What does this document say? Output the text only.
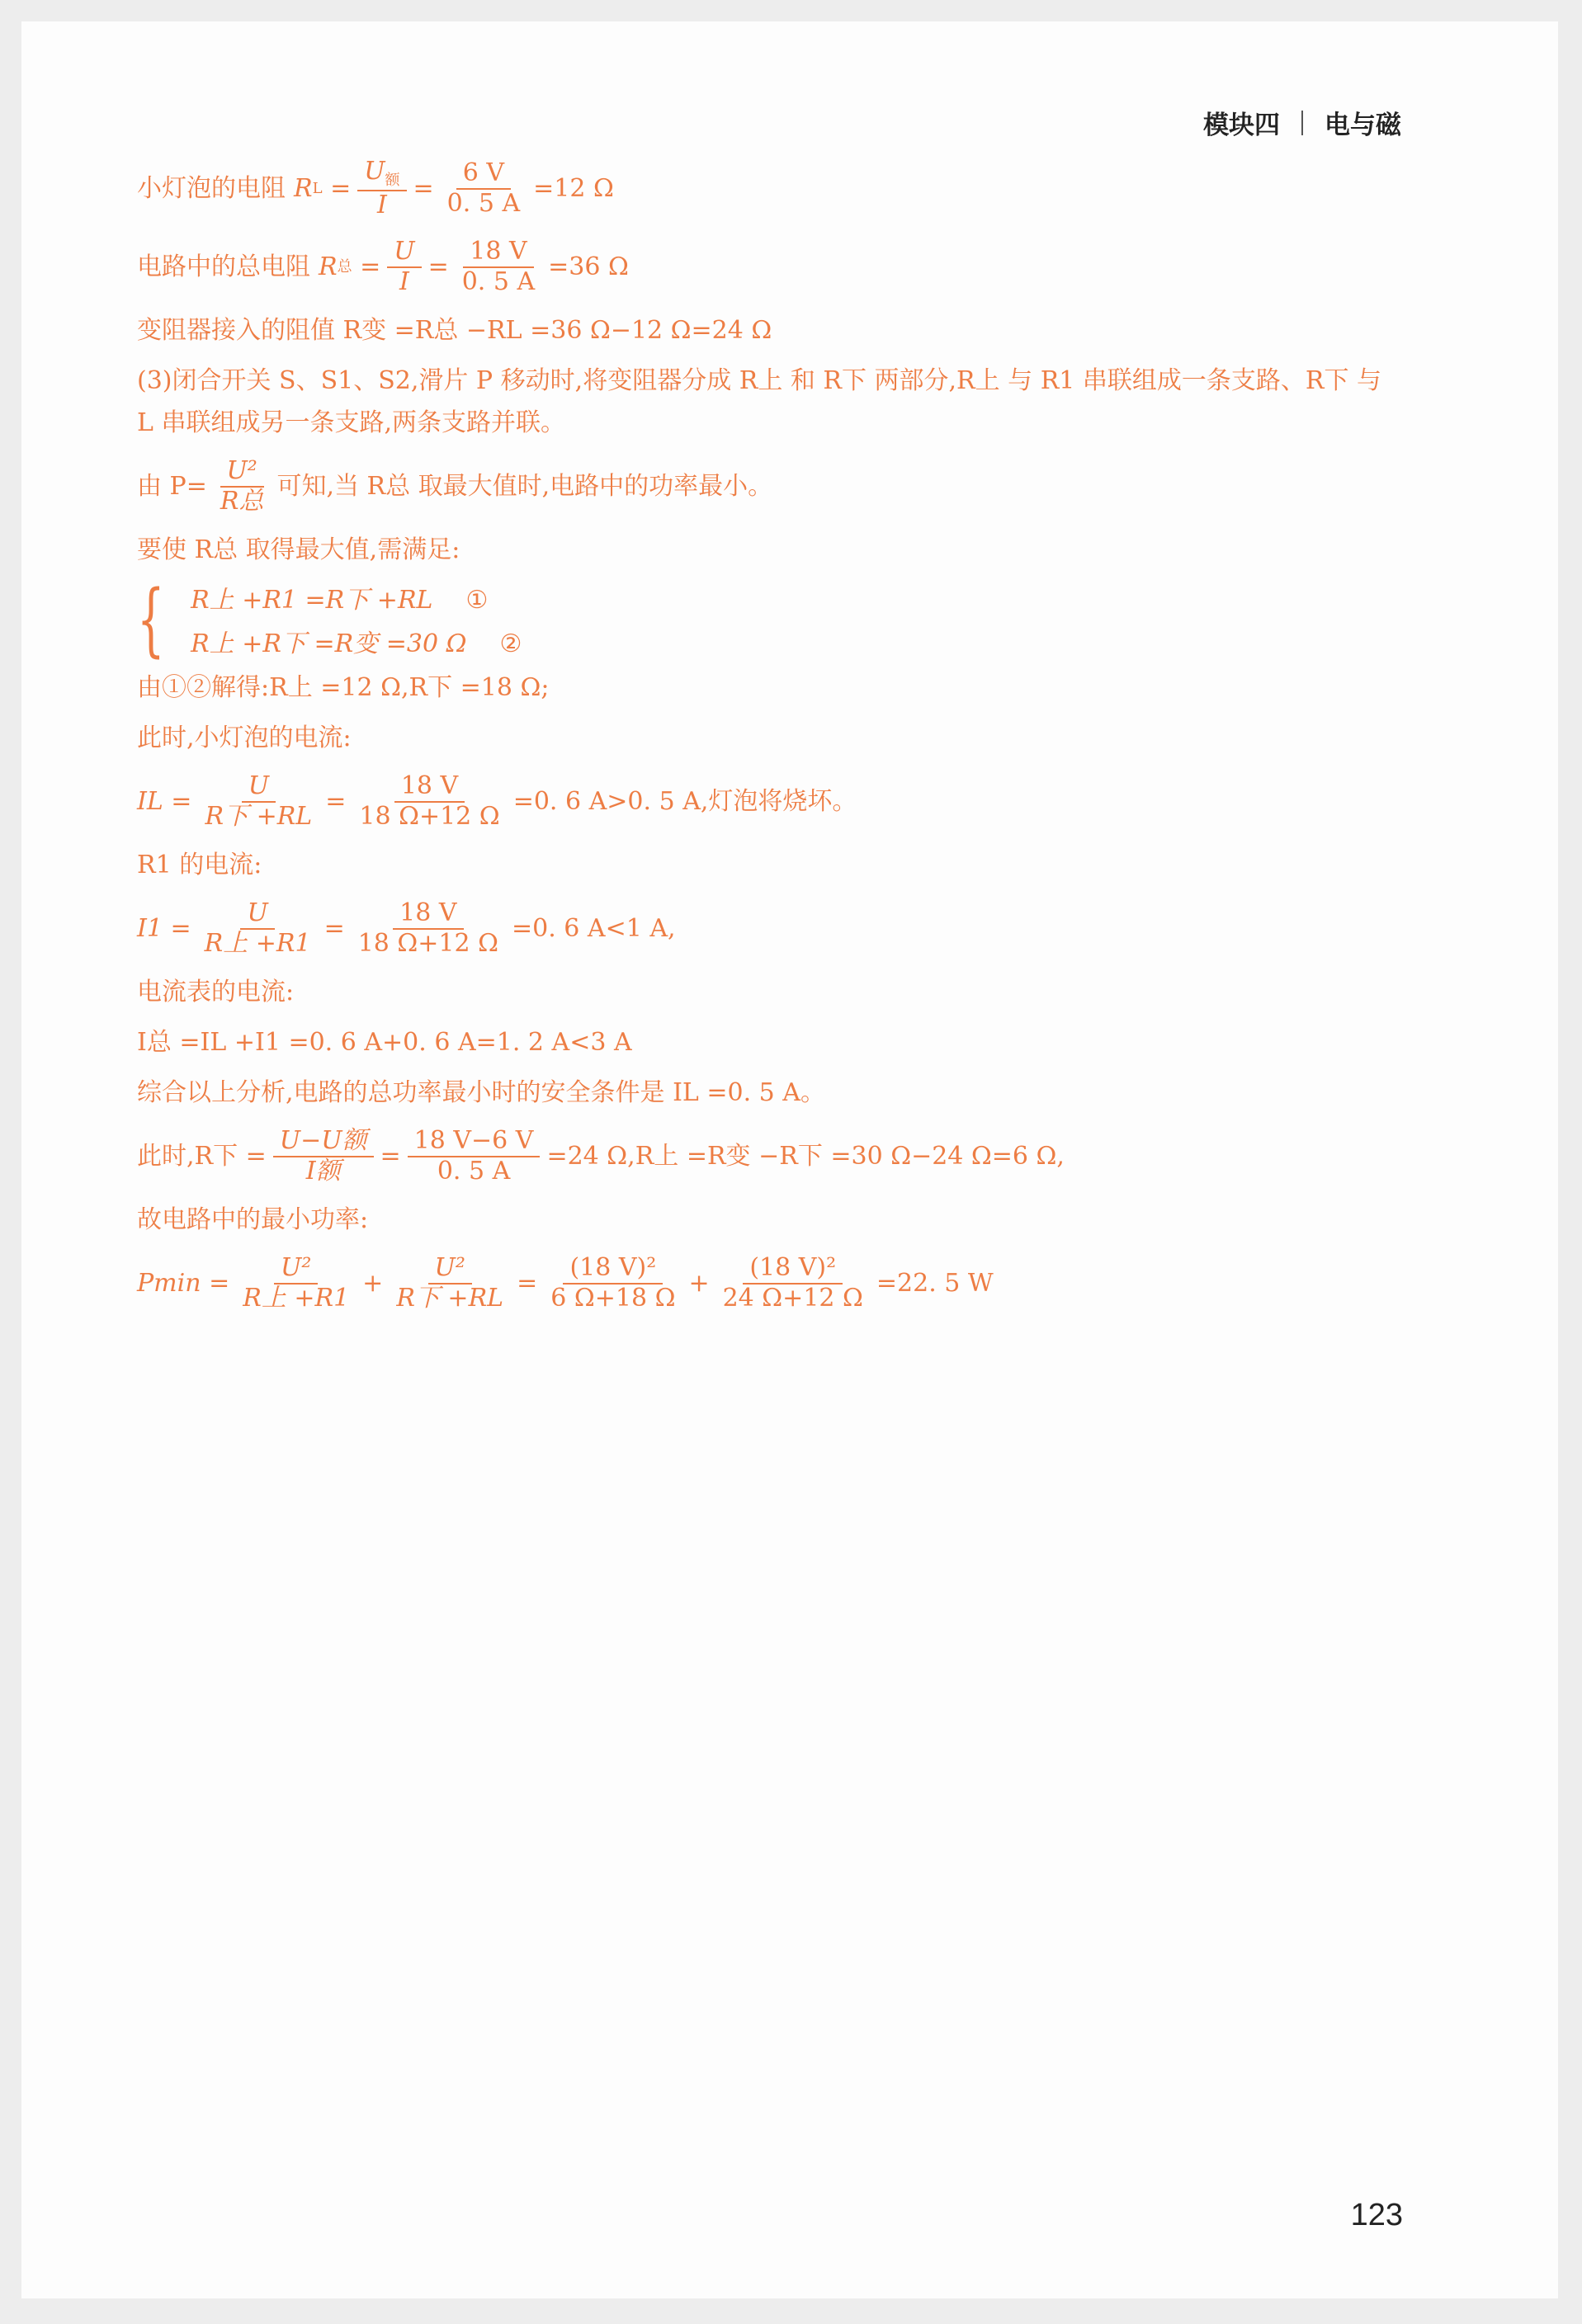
模块四 电与磁
小灯泡的电阻 R $L = \frac{U_额}{I} = \frac{6 V}{0. 5 A} =12$ Ω
电路中的总电阻 R 总 = $\frac{U}{I} = \frac{18 V}{0. 5 A} =36$ Ω
变阻器接入的阻值 R变 =R总 −RL =36 Ω−12 Ω=24 Ω
(3)闭合开关 S、S1、S2,滑片 P 移动时,将变阻器分成 R上 和 R下 两部分,R上 与 R1 串联组成一条支路、R下 与
L 串联组成另一条支路,两条支路并联。
由 $P= \frac{\text{U²}}{\text{R总}}$ 可知,当 R总 取最大值时,电路中的功率最小。
要使 R总 取得最大值,需满足:
{ R上 +R1 =R下 +RL ①
R上 +R下 =R变 =30 Ω ②
由①②解得:R上 =12 Ω,R下 =18 Ω;
此时,小灯泡的电流:
IL = $\frac{U}{\text{R下 +RL}} = \frac{18 V}{18 \Omega+12 \Omega} =0$. 6 A>0. 5 A,灯泡将烧坏。
R1 的电流:
$I1 = \frac{U}{\text{R上 +R1}} = \frac{18 V}{18 \Omega+12 \Omega} =0$. 6 A<1 A,
电流表的电流:
I总 =IL +I1 =0. 6 A+0. 6 A=1. 2 A<3 A
综合以上分析,电路的总功率最小时的安全条件是 IL =0. 5 A。
此时,R下 = $\frac{\text{U−U额}}{\text{I额}} = \frac{18 V-6 V}{0. 5 A} =24$ Ω,R上 =R变 −R下 =30 Ω−24 Ω=6 Ω,
故电路中的最小功率:
$Pmin = \frac{\text{U²}}{\text{R上 +R1}} + \frac{\text{U²}}{\text{R下 +RL}} = \frac{\text{(18 V)²}}{6 \Omega+18 \Omega} + \frac{\text{(18 V)²}}{24 \Omega+12 \Omega} =22$. 5 W
123
